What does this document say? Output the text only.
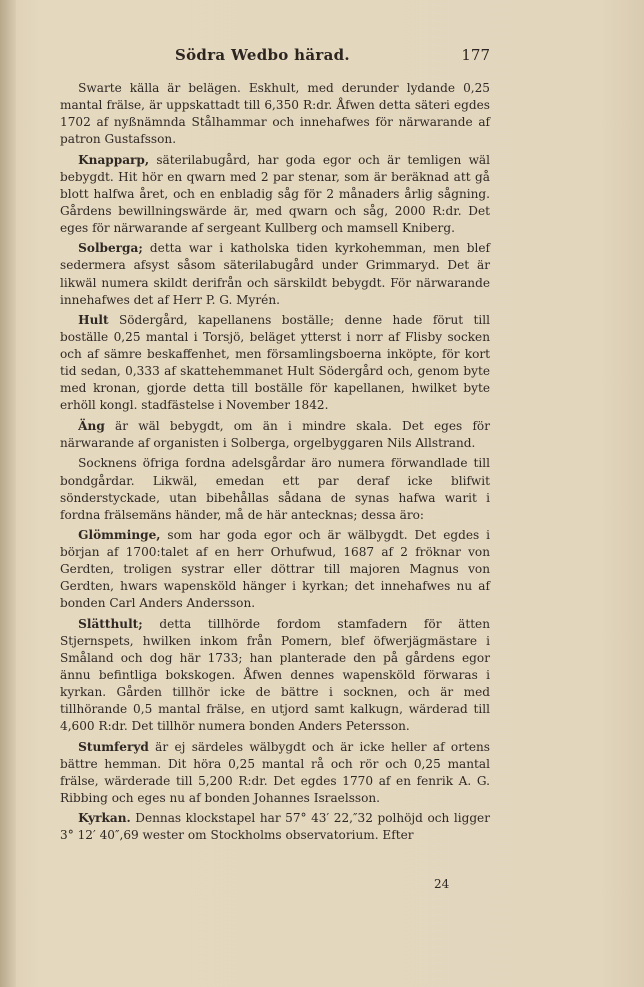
Södra Wedbo härad.	177

Swarte källa är belägen. Eskhult, med derunder lydande 0,25 mantal frälse, är uppskattadt till 6,350 R:dr. Åfwen detta säteri egdes 1702 af nyßnämnda Stålhammar och innehafwes för närwarande af patron Gustafsson.

Knapparp, säterilabugård, har goda egor och är temligen wäl bebygdt. Hit hör en qwarn med 2 par stenar, som är beräknad att gå blott halfwa året, och en enbladig såg för 2 månaders årlig sågning. Gårdens bewillningswärde är, med qwarn och såg, 2000 R:dr. Det eges för närwarande af sergeant Kullberg och mamsell Kniberg.

Solberga; detta war i katholska tiden kyrkohemman, men blef sedermera afsyst såsom säterilabugård under Grimmaryd. Det är likwäl numera skildt derifrån och särskildt bebygdt. För närwarande innehafwes det af Herr P. G. Myrén.

Hult Södergård, kapellanens boställe; denne hade förut till boställe 0,25 mantal i Torsjö, beläget ytterst i norr af Flisby socken och af sämre beskaffenhet, men församlingsboerna inköpte, för kort tid sedan, 0,333 af skattehemmanet Hult Södergård och, genom byte med kronan, gjorde detta till boställe för kapellanen, hwilket byte erhöll kongl. stadfästelse i November 1842.

Äng är wäl bebygdt, om än i mindre skala. Det eges för närwarande af organisten i Solberga, orgelbyggaren Nils Allstrand.

Socknens öfriga fordna adelsgårdar äro numera förwandlade till bondgårdar. Likwäl, emedan ett par deraf icke blifwit sönderstyckade, utan bibehållas sådana de synas hafwa warit i fordna frälsemäns händer, må de här antecknas; dessa äro:

Glömminge, som har goda egor och är wälbygdt. Det egdes i början af 1700:talet af en herr Orhufwud, 1687 af 2 fröknar von Gerdten, troligen systrar eller döttrar till majoren Magnus von Gerdten, hwars wapensköld hänger i kyrkan; det innehafwes nu af bonden Carl Anders Andersson.

Slätthult; detta tillhörde fordom stamfadern för ätten Stjernspets, hwilken inkom från Pomern, blef öfwerjägmästare i Småland och dog här 1733; han planterade den på gårdens egor ännu befintliga bokskogen. Åfwen dennes wapensköld förwaras i kyrkan. Gården tillhör icke de bättre i socknen, och är med tillhörande 0,5 mantal frälse, en utjord samt kalkugn, wärderad till 4,600 R:dr. Det tillhör numera bonden Anders Petersson.

Stumferyd är ej särdeles wälbygdt och är icke heller af ortens bättre hemman. Dit höra 0,25 mantal rå och rör och 0,25 mantal frälse, wärderade till 5,200 R:dr. Det egdes 1770 af en fenrik A. G. Ribbing och eges nu af bonden Johannes Israelsson.

Kyrkan. Dennas klockstapel har 57° 43′ 22,″32 polhöjd och ligger 3° 12′ 40″,69 wester om Stockholms observatorium. Efter

24
